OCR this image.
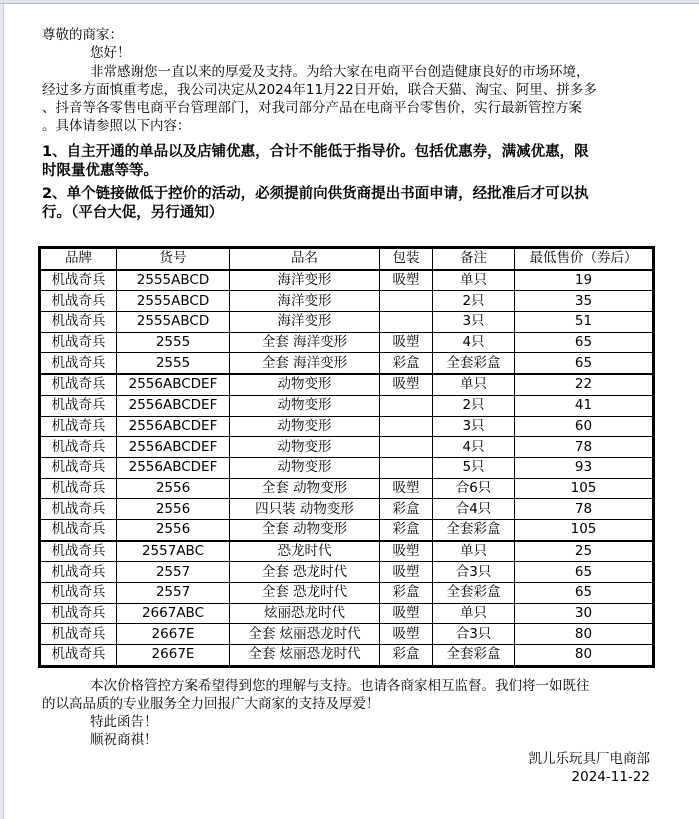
尊敬的商家：
您好！
非常感谢您一直以来的厚爱及支持。为给大家在电商平台创造健康良好的市场环境，
经过多方面慎重考虑，我公司决定从2024年11月22日开始，联合天猫、淘宝、阿里、拼多多
、抖音等各零售电商平台管理部门，对我司部分产品在电商平台零售价，实行最新管控方案
。具体请参照以下内容：
1、自主开通的单品以及店铺优惠，合计不能低于指导价。包括优惠券，满减优惠，限
时限量优惠等等。
2、单个链接做低于控价的活动，必须提前向供货商提出书面申请，经批准后才可以执
行。（平台大促，另行通知）
品牌	货号	品名	包装	备注	最低售价（券后）
机战奇兵	2555ABCD	海洋变形	吸塑	单只	19
机战奇兵	2555ABCD	海洋变形		2只	35
机战奇兵	2555ABCD	海洋变形		3只	51
机战奇兵	2555	全套 海洋变形	吸塑	4只	65
机战奇兵	2555	全套 海洋变形	彩盒	全套彩盒	65
机战奇兵	2556ABCDEF	动物变形	吸塑	单只	22
机战奇兵	2556ABCDEF	动物变形		2只	41
机战奇兵	2556ABCDEF	动物变形		3只	60
机战奇兵	2556ABCDEF	动物变形		4只	78
机战奇兵	2556ABCDEF	动物变形		5只	93
机战奇兵	2556	全套 动物变形	吸塑	合6只	105
机战奇兵	2556	四只装 动物变形	彩盒	合4只	78
机战奇兵	2556	全套 动物变形	彩盒	全套彩盒	105
机战奇兵	2557ABC	恐龙时代	吸塑	单只	25
机战奇兵	2557	全套 恐龙时代	吸塑	合3只	65
机战奇兵	2557	全套 恐龙时代	彩盒	全套彩盒	65
机战奇兵	2667ABC	炫丽恐龙时代	吸塑	单只	30
机战奇兵	2667E	全套 炫丽恐龙时代	吸塑	合3只	80
机战奇兵	2667E	全套 炫丽恐龙时代	彩盒	全套彩盒	80
本次价格管控方案希望得到您的理解与支持。也请各商家相互监督。我们将一如既往
的以高品质的专业服务全力回报广大商家的支持及厚爱！
特此函告！
顺祝商祺！
凯儿乐玩具厂电商部
2024-11-22
